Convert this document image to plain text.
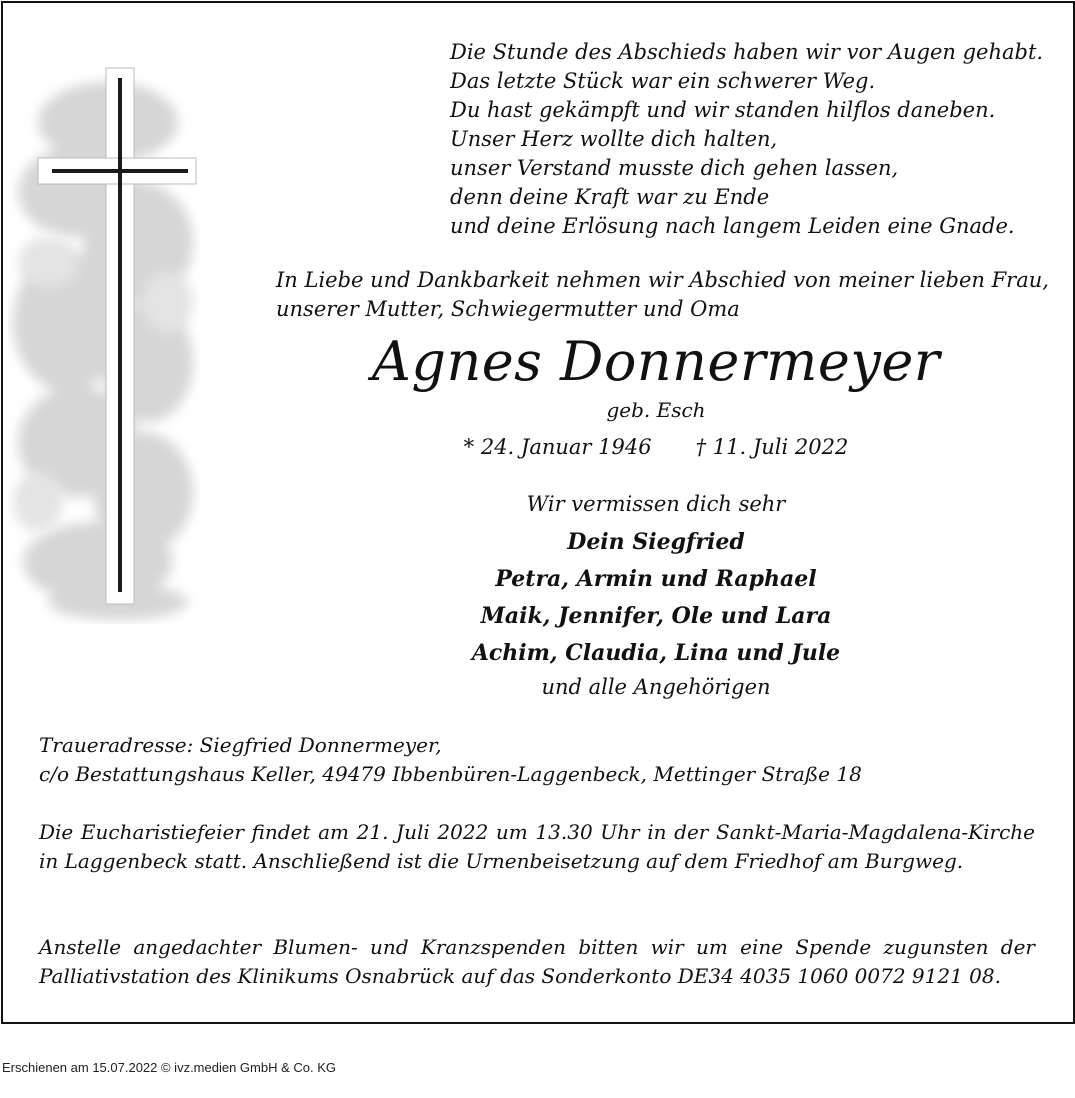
Die Stunde des Abschieds haben wir vor Augen gehabt.
Das letzte Stück war ein schwerer Weg.
Du hast gekämpft und wir standen hilflos daneben.
Unser Herz wollte dich halten,
unser Verstand musste dich gehen lassen,
denn deine Kraft war zu Ende
und deine Erlösung nach langem Leiden eine Gnade.
In Liebe und Dankbarkeit nehmen wir Abschied von meiner lieben Frau,
unserer Mutter, Schwiegermutter und Oma
Agnes Donnermeyer
geb. Esch
* 24. Januar 1946 † 11. Juli 2022
Wir vermissen dich sehr
Dein Siegfried
Petra, Armin und Raphael
Maik, Jennifer, Ole und Lara
Achim, Claudia, Lina und Jule
und alle Angehörigen
Traueradresse: Siegfried Donnermeyer,
c/o Bestattungshaus Keller, 49479 Ibbenbüren-Laggenbeck, Mettinger Straße 18
Die Eucharistiefeier findet am 21. Juli 2022 um 13.30 Uhr in der Sankt-Maria-Magdalena-Kirche in Laggenbeck statt. Anschließend ist die Urnenbeisetzung auf dem Friedhof am Burgweg.
Anstelle angedachter Blumen- und Kranzspenden bitten wir um eine Spende zugunsten der Palliativstation des Klinikums Osnabrück auf das Sonderkonto DE34 4035 1060 0072 9121 08.
Erschienen am 15.07.2022 © ivz.medien GmbH & Co. KG
